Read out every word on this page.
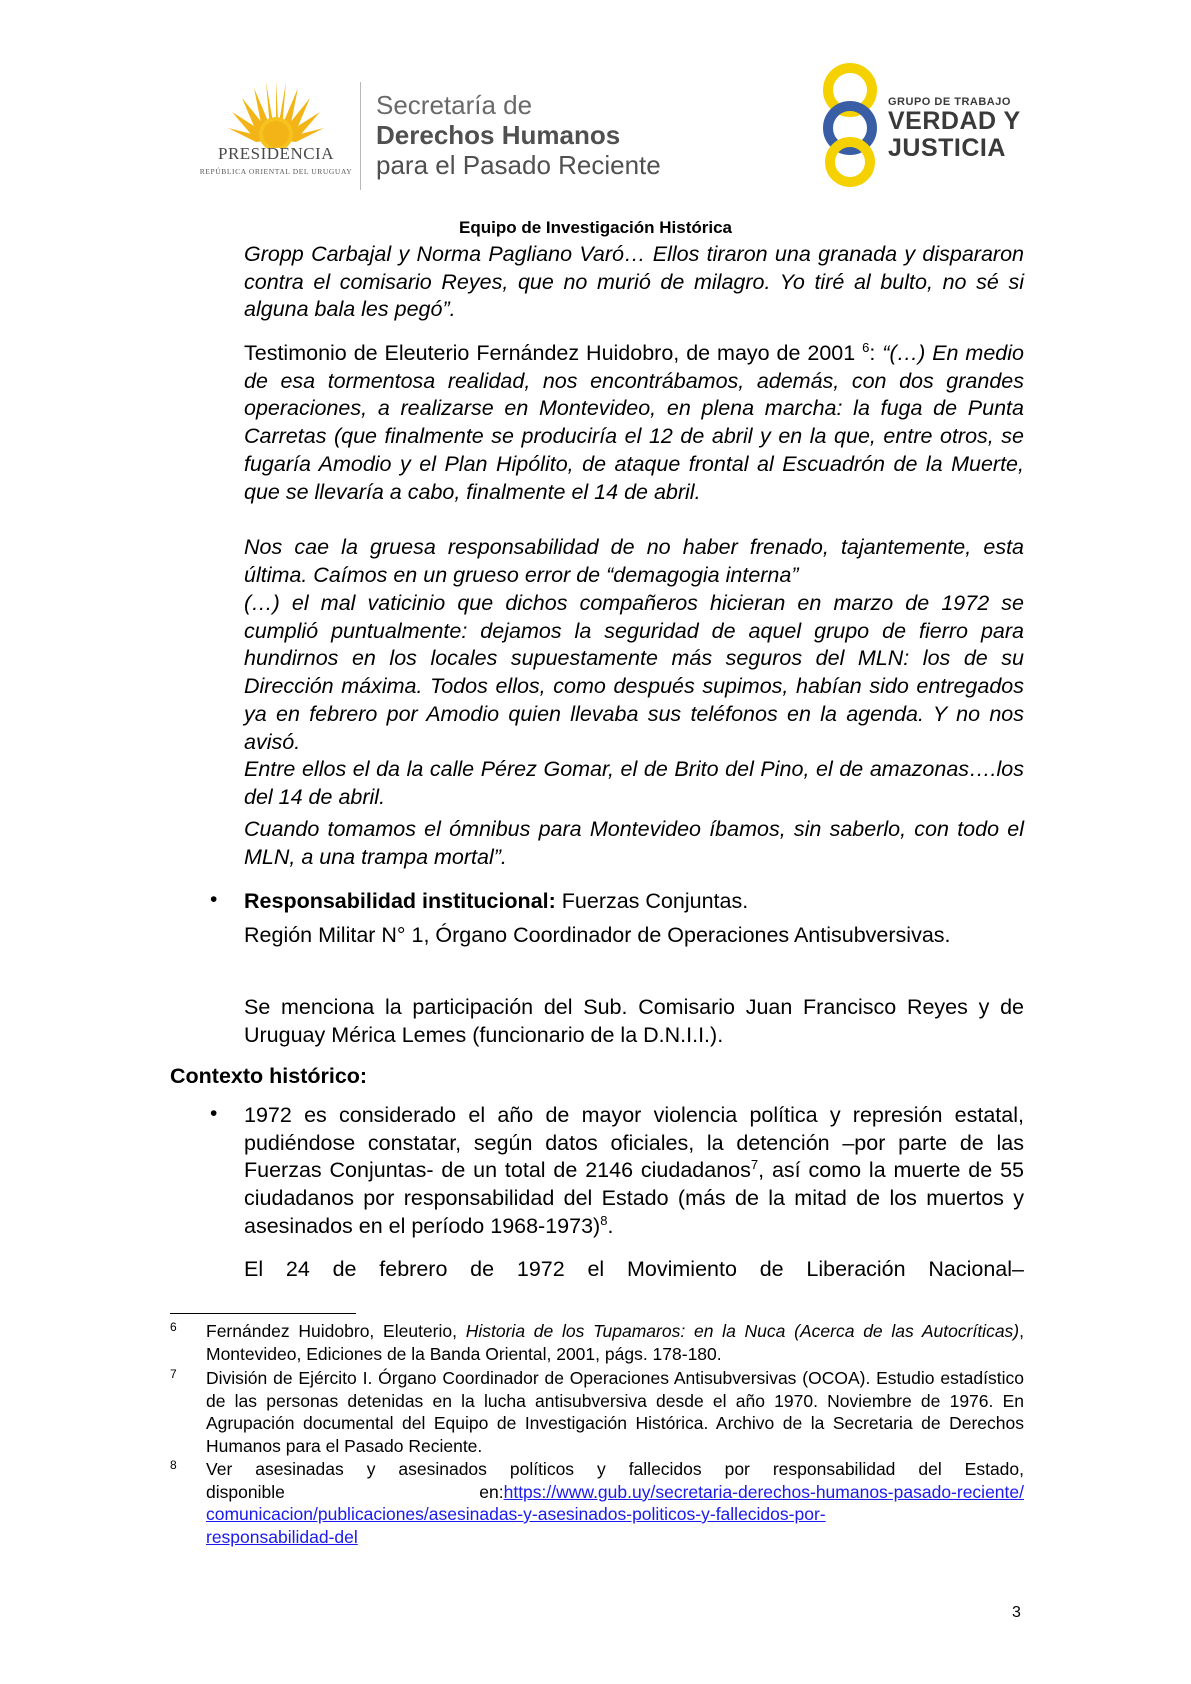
PRESIDENCIA
REPÚBLICA ORIENTAL DEL URUGUAY
Secretaría de
Derechos Humanos
para el Pasado Reciente
GRUPO DE TRABAJO
VERDAD Y
JUSTICIA
Equipo de Investigación Histórica
Gropp Carbajal y Norma Pagliano Varó… Ellos tiraron una granada y dispararon contra el comisario Reyes, que no murió de milagro. Yo tiré al bulto, no sé si alguna bala les pegó”.
Testimonio de Eleuterio Fernández Huidobro, de mayo de 2001 $^6$: “(…) En medio de esa tormentosa realidad, nos encontrábamos, además, con dos grandes operaciones, a realizarse en Montevideo, en plena marcha: la fuga de Punta Carretas (que finalmente se produciría el 12 de abril y en la que, entre otros, se fugaría Amodio y el Plan Hipólito, de ataque frontal al Escuadrón de la Muerte, que se llevaría a cabo, finalmente el 14 de abril.
Nos cae la gruesa responsabilidad de no haber frenado, tajantemente, esta última. Caímos en un grueso error de “demagogia interna”
(…) el mal vaticinio que dichos compañeros hicieran en marzo de 1972 se cumplió puntualmente: dejamos la seguridad de aquel grupo de fierro para hundirnos en los locales supuestamente más seguros del MLN: los de su Dirección máxima. Todos ellos, como después supimos, habían sido entregados ya en febrero por Amodio quien llevaba sus teléfonos en la agenda. Y no nos avisó.
Entre ellos el da la calle Pérez Gomar, el de Brito del Pino, el de amazonas….los del 14 de abril.
Cuando tomamos el ómnibus para Montevideo íbamos, sin saberlo, con todo el MLN, a una trampa mortal”.
• Responsabilidad institucional: Fuerzas Conjuntas.
Región Militar N° 1, Órgano Coordinador de Operaciones Antisubversivas.
Se menciona la participación del Sub. Comisario Juan Francisco Reyes y de Uruguay Mérica Lemes (funcionario de la D.N.I.I.).
Contexto histórico:
• 1972 es considerado el año de mayor violencia política y represión estatal, pudiéndose constatar, según datos oficiales, la detención –por parte de las Fuerzas Conjuntas- de un total de 2146 ciudadanos$^7$, así como la muerte de 55 ciudadanos por responsabilidad del Estado (más de la mitad de los muertos y asesinados en el período 1968-1973)$^8$.
El 24 de febrero de 1972 el Movimiento de Liberación Nacional–
6 Fernández Huidobro, Eleuterio, Historia de los Tupamaros: en la Nuca (Acerca de las Autocríticas), Montevideo, Ediciones de la Banda Oriental, 2001, págs. 178-180.
7 División de Ejército I. Órgano Coordinador de Operaciones Antisubversivas (OCOA). Estudio estadístico de las personas detenidas en la lucha antisubversiva desde el año 1970. Noviembre de 1976. En Agrupación documental del Equipo de Investigación Histórica. Archivo de la Secretaria de Derechos Humanos para el Pasado Reciente.
8 Ver asesinadas y asesinados políticos y fallecidos por responsabilidad del Estado,
disponible	en:https://www.gub.uy/secretaria-derechos-humanos-pasado-reciente/
comunicacion/publicaciones/asesinadas-y-asesinados-politicos-y-fallecidos-por-
responsabilidad-del
3
